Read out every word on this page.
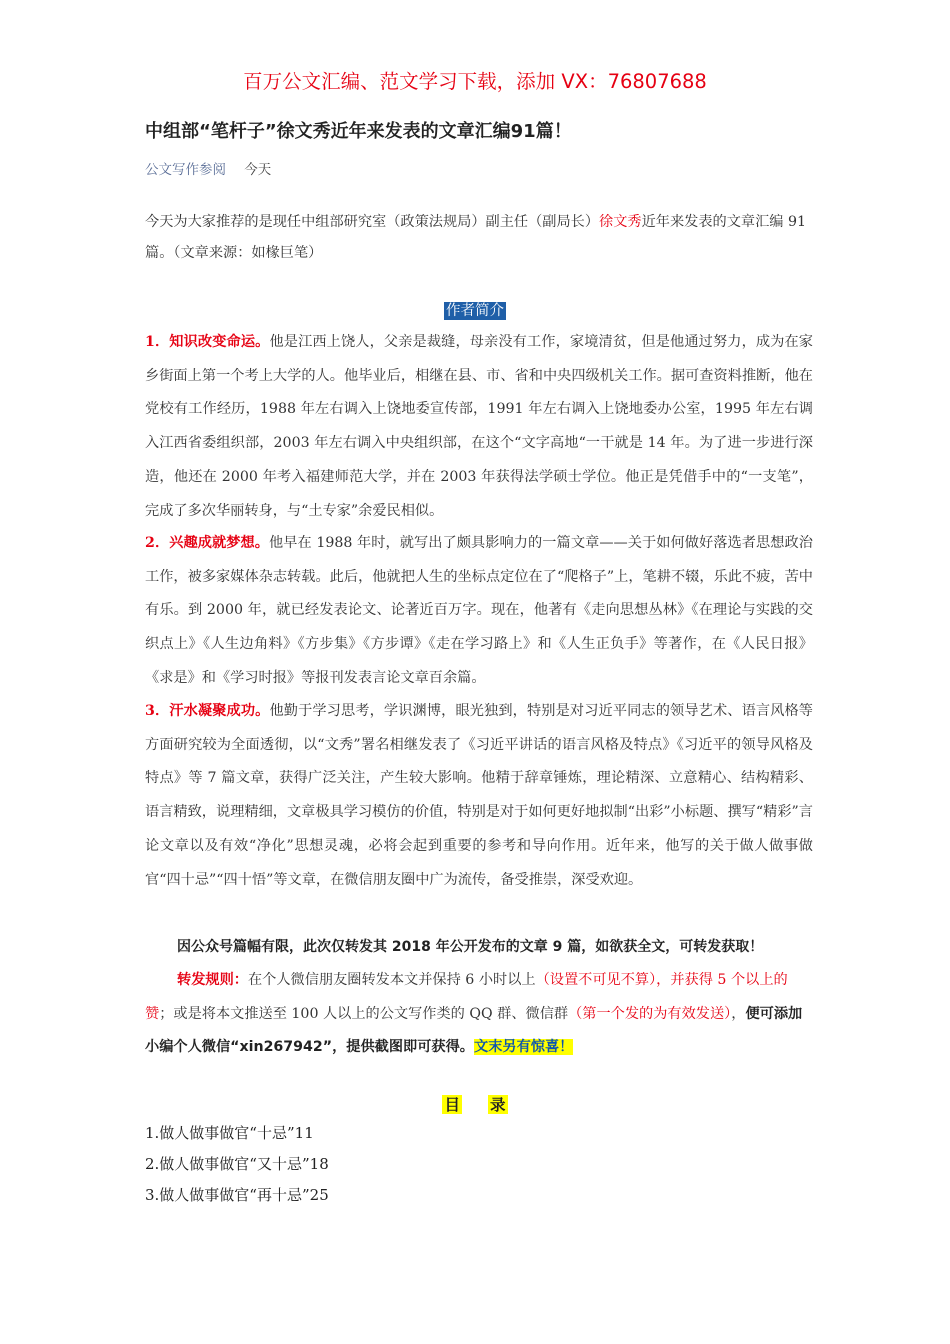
百万公文汇编、范文学习下载，添加 VX：76807688
中组部“笔杆子”徐文秀近年来发表的文章汇编91篇！
公文写作参阅 今天
今天为大家推荐的是现任中组部研究室（政策法规局）副主任（副局长）徐文秀近年来发表的文章汇编 91 篇。（文章来源：如椽巨笔）
作者简介
1．知识改变命运。他是江西上饶人，父亲是裁缝，母亲没有工作，家境清贫，但是他通过努力，成为在家乡街面上第一个考上大学的人。他毕业后，相继在县、市、省和中央四级机关工作。据可查资料推断，他在党校有工作经历，1988 年左右调入上饶地委宣传部，1991 年左右调入上饶地委办公室，1995 年左右调入江西省委组织部，2003 年左右调入中央组织部，在这个“文字高地“一干就是 14 年。为了进一步进行深造，他还在 2000 年考入福建师范大学，并在 2003 年获得法学硕士学位。他正是凭借手中的“一支笔”，完成了多次华丽转身，与“土专家”余爱民相似。
2．兴趣成就梦想。他早在 1988 年时，就写出了颇具影响力的一篇文章——关于如何做好落选者思想政治工作，被多家媒体杂志转载。此后，他就把人生的坐标点定位在了“爬格子”上，笔耕不辍，乐此不疲，苦中有乐。到 2000 年，就已经发表论文、论著近百万字。现在，他著有《走向思想丛林》《在理论与实践的交织点上》《人生边角料》《方步集》《方步谭》《走在学习路上》和《人生正负手》等著作，在《人民日报》《求是》和《学习时报》等报刊发表言论文章百余篇。
3．汗水凝聚成功。他勤于学习思考，学识渊博，眼光独到，特别是对习近平同志的领导艺术、语言风格等方面研究较为全面透彻，以“文秀”署名相继发表了《习近平讲话的语言风格及特点》《习近平的领导风格及特点》等 7 篇文章，获得广泛关注，产生较大影响。他精于辞章锤炼，理论精深、立意精心、结构精彩、语言精致，说理精细，文章极具学习模仿的价值，特别是对于如何更好地拟制“出彩”小标题、撰写“精彩”言论文章以及有效“净化”思想灵魂，必将会起到重要的参考和导向作用。近年来，他写的关于做人做事做官“四十忌”“四十悟”等文章，在微信朋友圈中广为流传，备受推崇，深受欢迎。
因公众号篇幅有限，此次仅转发其 2018 年公开发布的文章 9 篇，如欲获全文，可转发获取！
转发规则：在个人微信朋友圈转发本文并保持 6 小时以上（设置不可见不算），并获得 5 个以上的赞；或是将本文推送至 100 人以上的公文写作类的 QQ 群、微信群（第一个发的为有效发送），便可添加小编个人微信“xin267942”，提供截图即可获得。文末另有惊喜！
目 录
1.做人做事做官“十忌”11
2.做人做事做官“又十忌”18
3.做人做事做官“再十忌”25
